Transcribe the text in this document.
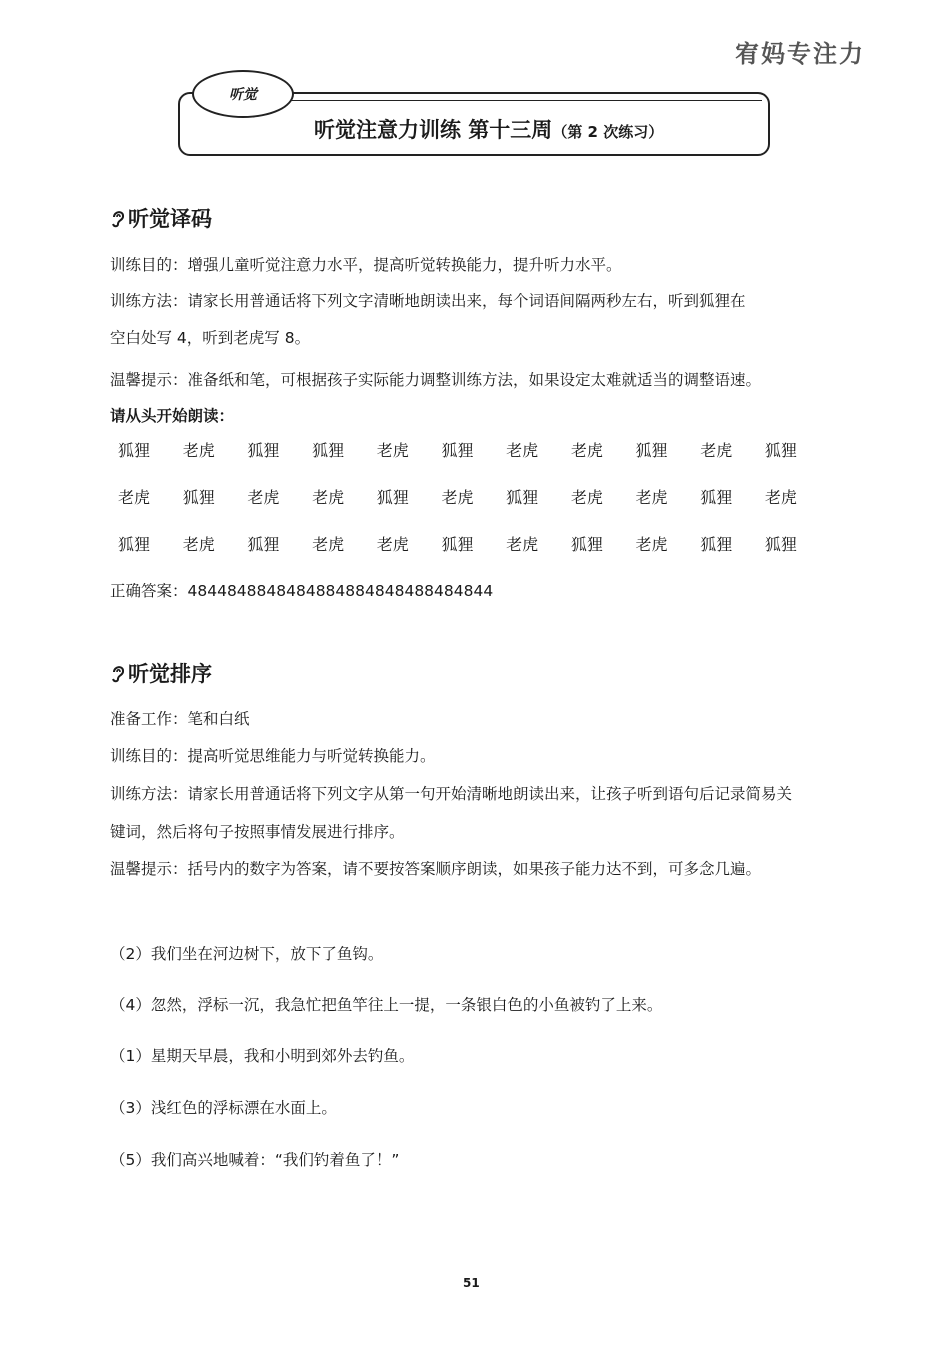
宥妈专注力
听觉
听觉注意力训练 第十三周（第 2 次练习）
听觉译码
训练目的：增强儿童听觉注意力水平，提高听觉转换能力，提升听力水平。
训练方法：请家长用普通话将下列文字清晰地朗读出来，每个词语间隔两秒左右，听到狐狸在
空白处写 4，听到老虎写 8。
温馨提示：准备纸和笔，可根据孩子实际能力调整训练方法，如果设定太难就适当的调整语速。
请从头开始朗读：
狐狸	老虎	狐狸	狐狸	老虎	狐狸	老虎	老虎	狐狸	老虎	狐狸
老虎	狐狸	老虎	老虎	狐狸	老虎	狐狸	老虎	老虎	狐狸	老虎
狐狸	老虎	狐狸	老虎	老虎	狐狸	老虎	狐狸	老虎	狐狸	狐狸
正确答案：4844848848484884884848488484844
听觉排序
准备工作：笔和白纸
训练目的：提高听觉思维能力与听觉转换能力。
训练方法：请家长用普通话将下列文字从第一句开始清晰地朗读出来，让孩子听到语句后记录简易关
键词，然后将句子按照事情发展进行排序。
温馨提示：括号内的数字为答案，请不要按答案顺序朗读，如果孩子能力达不到，可多念几遍。
（2）我们坐在河边树下，放下了鱼钩。
（4）忽然，浮标一沉，我急忙把鱼竿往上一提，一条银白色的小鱼被钓了上来。
（1）星期天早晨，我和小明到郊外去钓鱼。
（3）浅红色的浮标漂在水面上。
（5）我们高兴地喊着：“我们钓着鱼了！”
51
